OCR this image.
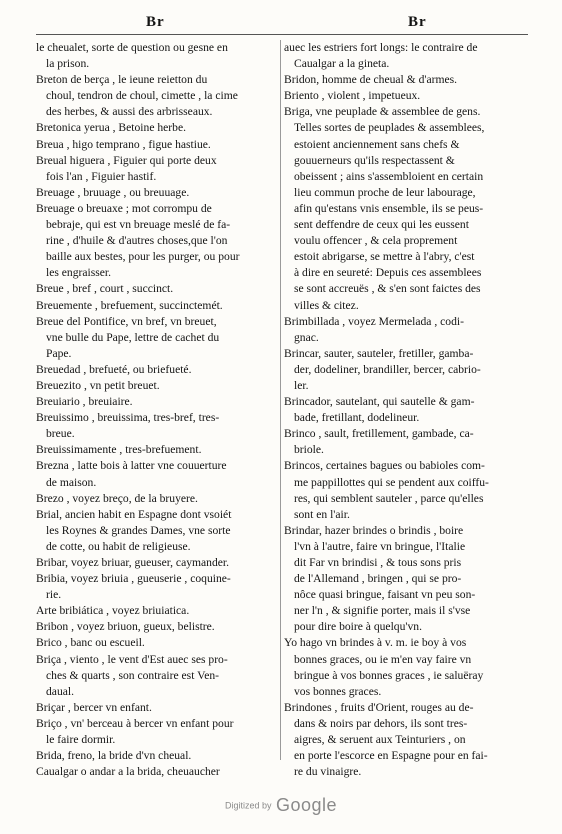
Br	Br
le cheualet, sorte de question ou gesne en
la prison.
Breton de berça , le ieune reietton du
choul, tendron de choul, cimette , la cime
des herbes, & aussi des arbrisseaux.
Bretonica yerua , Betoine herbe.
Breua , higo temprano , figue hastiue.
Breual higuera , Figuier qui porte deux
fois l'an , Figuier hastif.
Breuage , bruuage , ou breuuage.
Breuage o breuaxe ; mot corrompu de
bebraje, qui est vn breuage meslé de fa-
rine , d'huile & d'autres choses,que l'on
baille aux bestes, pour les purger, ou pour
les engraisser.
Breue , bref , court , succinct.
Breuemente , brefuement, succinctemét.
Breue del Pontifice, vn bref, vn breuet,
vne bulle du Pape, lettre de cachet du
Pape.
Breuedad , brefueté, ou briefueté.
Breuezito , vn petit breuet.
Breuiario , breuiaire.
Breuissimo , breuissima, tres-bref, tres-
breue.
Breuissimamente , tres-brefuement.
Brezna , latte bois à latter vne couuerture
de maison.
Brezo , voyez breço, de la bruyere.
Brial, ancien habit en Espagne dont vsoiét
les Roynes & grandes Dames, vne sorte
de cotte, ou habit de religieuse.
Bribar, voyez briuar, gueuser, caymander.
Bribia, voyez briuia , gueuserie , coquine-
rie.
Arte bribiática , voyez briuiatica.
Bribon , voyez briuon, gueux, belistre.
Brico , banc ou escueil.
Briça , viento , le vent d'Est auec ses pro-
ches & quarts , son contraire est Ven-
daual.
Briçar , bercer vn enfant.
Briço , vn' berceau à bercer vn enfant pour
le faire dormir.
Brida, freno, la bride d'vn cheual.
Caualgar o andar a la brida, cheuaucher
auec les estriers fort longs: le contraire de
Caualgar a la gineta.
Bridon, homme de cheual & d'armes.
Briento , violent , impetueux.
Briga, vne peuplade & assemblee de gens.
Telles sortes de peuplades & assemblees,
estoient anciennement sans chefs &
gouuerneurs qu'ils respectassent &
obeissent ; ains s'assembloient en certain
lieu commun proche de leur labourage,
afin qu'estans vnis ensemble, ils se peus-
sent deffendre de ceux qui les eussent
voulu offencer , & cela proprement
estoit abrigarse, se mettre à l'abry, c'est
à dire en seureté: Depuis ces assemblees
se sont accreuës , & s'en sont faictes des
villes & citez.
Brimbillada , voyez Mermelada , codi-
gnac.
Brincar, sauter, sauteler, fretiller, gamba-
der, dodeliner, brandiller, bercer, cabrio-
ler.
Brincador, sautelant, qui sautelle & gam-
bade, fretillant, dodelineur.
Brinco , sault, fretillement, gambade, ca-
briole.
Brincos, certaines bagues ou babioles com-
me pappillottes qui se pendent aux coiffu-
res, qui semblent sauteler , parce qu'elles
sont en l'air.
Brindar, hazer brindes o brindis , boire
l'vn à l'autre, faire vn bringue, l'Italie
dit Far vn brindisi , & tous sons pris
de l'Allemand , bringen , qui se pro-
nôce quasi bringue, faisant vn peu son-
ner l'n , & signifie porter, mais il s'vse
pour dire boire à quelqu'vn.
Yo hago vn brindes à v. m. ie boy à vos
bonnes graces, ou ie m'en vay faire vn
bringue à vos bonnes graces , ie saluëray
vos bonnes graces.
Brindones , fruits d'Orient, rouges au de-
dans & noirs par dehors, ils sont tres-
aigres, & seruent aux Teinturiers , on
en porte l'escorce en Espagne pour en fai-
re du vinaigre.
Digitized by Google
